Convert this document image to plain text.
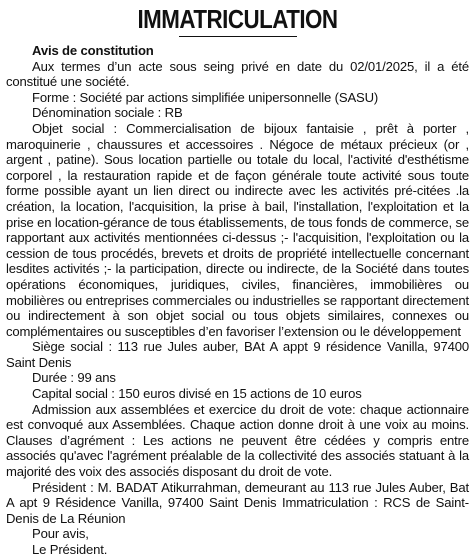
IMMATRICULATION

Avis de constitution

Aux termes d’un acte sous seing privé en date du 02/01/2025, il a été constitué une société.

Forme : Société par actions simplifiée unipersonnelle (SASU)

Dénomination sociale : RB

Objet social : Commercialisation de bijoux fantaisie , prêt à porter , maroquinerie , chaussures et accessoires . Négoce de métaux précieux (or , argent , patine). Sous location partielle ou totale du local, l'activité d'esthétisme corporel , la restauration rapide et de façon générale toute activité sous toute forme possible ayant un lien direct ou indirecte avec les activités pré-citées .la création, la location, l'acquisition, la prise à bail, l'installation, l'exploitation et la prise en location-gérance de tous établissements, de tous fonds de commerce, se rapportant aux activités mentionnées ci-dessus ;- l'acquisition, l'exploitation ou la cession de tous procédés, brevets et droits de propriété intellectuelle concernant lesdites activités ;- la participation, directe ou indirecte, de la Société dans toutes opérations économiques, juridiques, civiles, financières, immobilières ou mobilières ou entreprises commerciales ou industrielles se rapportant directement ou indirectement à son objet social ou tous objets similaires, connexes ou complémentaires ou susceptibles d’en favoriser l’extension ou le développement

Siège social : 113 rue Jules auber, BAt A appt 9 résidence Vanilla, 97400 Saint Denis

Durée : 99 ans

Capital social : 150 euros divisé en 15 actions de 10 euros

Admission aux assemblées et exercice du droit de vote: chaque actionnaire est convoqué aux Assemblées. Chaque action donne droit à une voix au moins. Clauses d’agrément : Les actions ne peuvent être cédées y compris entre associés qu'avec l'agrément préalable de la collectivité des associés statuant à la majorité des voix des associés disposant du droit de vote.

Président : M. BADAT Atikurrahman, demeurant au 113 rue Jules Auber, Bat A apt 9 Résidence Vanilla, 97400 Saint Denis Immatriculation : RCS de Saint-Denis de La Réunion

Pour avis,

Le Président.
